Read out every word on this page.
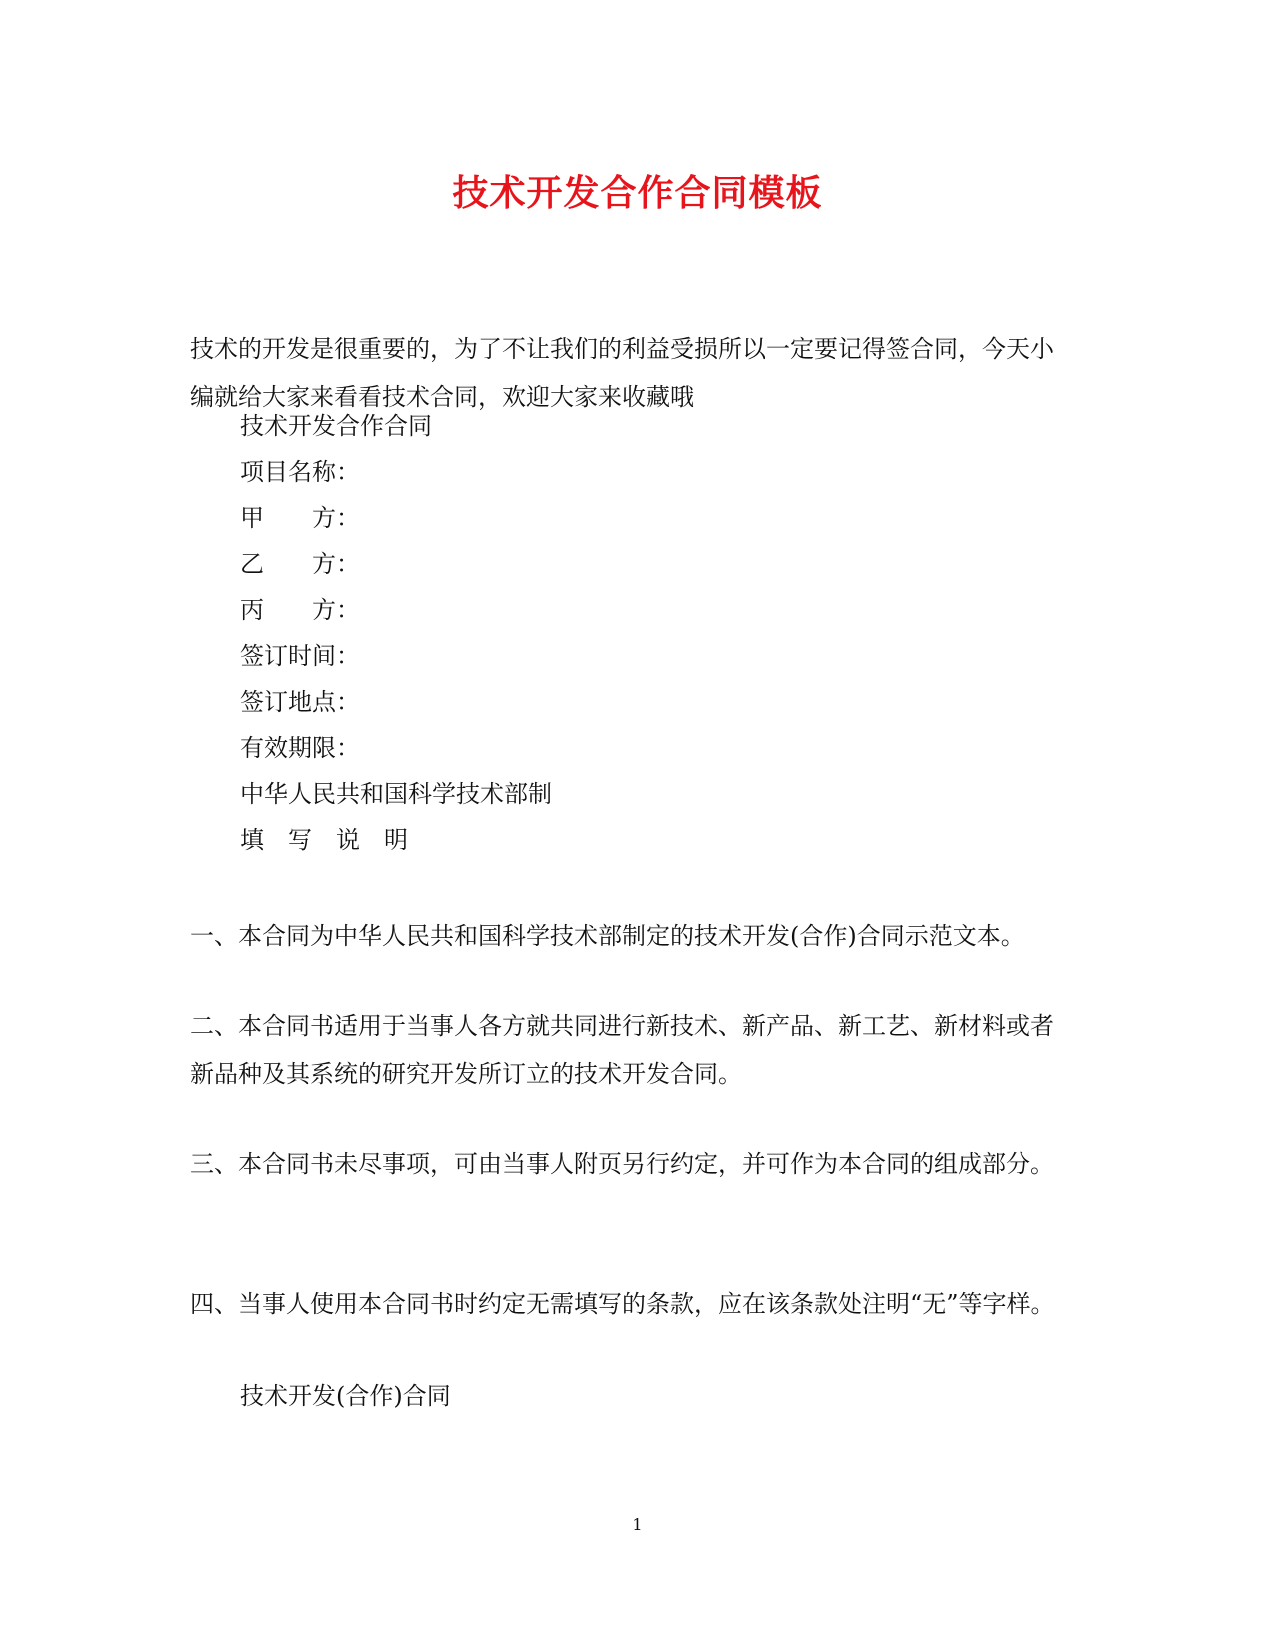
技术开发合作合同模板

技术的开发是很重要的，为了不让我们的利益受损所以一定要记得签合同，今天小编就给大家来看看技术合同，欢迎大家来收藏哦

技术开发合作合同

项目名称：

甲　　方：

乙　　方：

丙　　方：

签订时间：

签订地点：

有效期限：

中华人民共和国科学技术部制

填　写　说　明

一、本合同为中华人民共和国科学技术部制定的技术开发(合作)合同示范文本。

二、本合同书适用于当事人各方就共同进行新技术、新产品、新工艺、新材料或者新品种及其系统的研究开发所订立的技术开发合同。

三、本合同书未尽事项，可由当事人附页另行约定，并可作为本合同的组成部分。

四、当事人使用本合同书时约定无需填写的条款，应在该条款处注明“无”等字样。

技术开发(合作)合同

1
